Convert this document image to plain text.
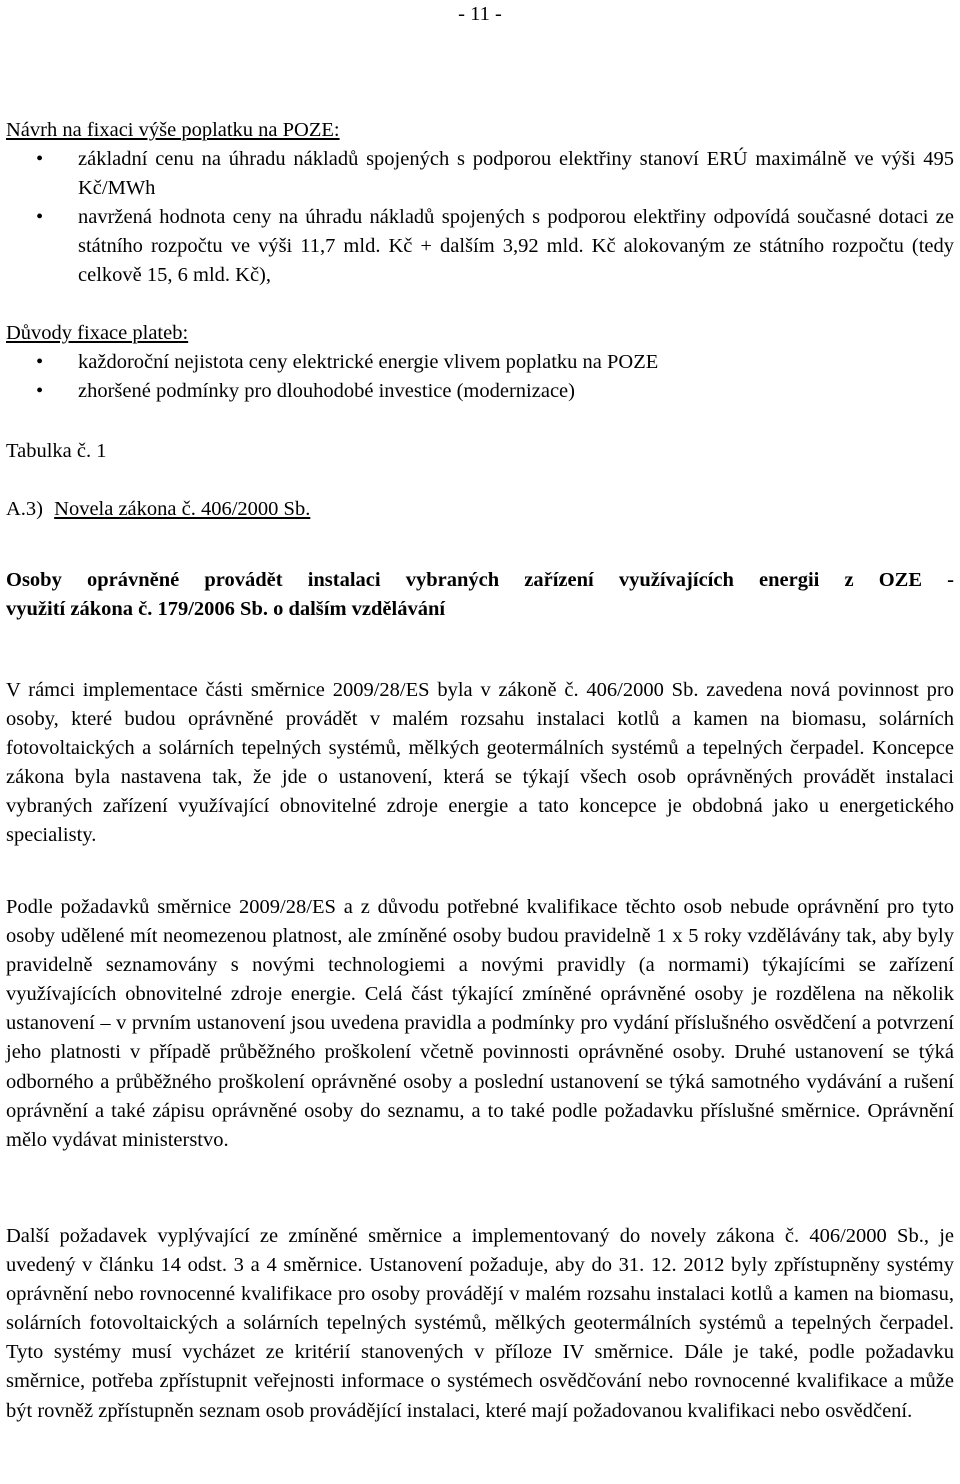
- 11 -
Návrh na fixaci výše poplatku na POZE:
• základní cenu na úhradu nákladů spojených s podporou elektřiny stanoví ERÚ maximálně ve výši 495 Kč/MWh
• navržená hodnota ceny na úhradu nákladů spojených s podporou elektřiny odpovídá současné dotaci ze státního rozpočtu ve výši 11,7 mld. Kč + dalším 3,92 mld. Kč alokovaným ze státního rozpočtu (tedy celkově 15, 6 mld. Kč),
Důvody fixace plateb:
• každoroční nejistota ceny elektrické energie vlivem poplatku na POZE
• zhoršené podmínky pro dlouhodobé investice (modernizace)
Tabulka č. 1
A.3) Novela zákona č. 406/2000 Sb.
Osoby oprávněné provádět instalaci vybraných zařízení využívajících energii z OZE -
využití zákona č. 179/2006 Sb. o dalším vzdělávání

V rámci implementace části směrnice 2009/28/ES byla v zákoně č. 406/2000 Sb. zavedena nová povinnost pro osoby, které budou oprávněné provádět v malém rozsahu instalaci kotlů a kamen na biomasu, solárních fotovoltaických a solárních tepelných systémů, mělkých geotermálních systémů a tepelných čerpadel. Koncepce zákona byla nastavena tak, že jde o ustanovení, která se týkají všech osob oprávněných provádět instalaci vybraných zařízení využívající obnovitelné zdroje energie a tato koncepce je obdobná jako u energetického specialisty.

Podle požadavků směrnice 2009/28/ES a z důvodu potřebné kvalifikace těchto osob nebude oprávnění pro tyto osoby udělené mít neomezenou platnost, ale zmíněné osoby budou pravidelně 1 x 5 roky vzdělávány tak, aby byly pravidelně seznamovány s novými technologiemi a novými pravidly (a normami) týkajícími se zařízení využívajících obnovitelné zdroje energie. Celá část týkající zmíněné oprávněné osoby je rozdělena na několik ustanovení – v prvním ustanovení jsou uvedena pravidla a podmínky pro vydání příslušného osvědčení a potvrzení jeho platnosti v případě průběžného proškolení včetně povinnosti oprávněné osoby. Druhé ustanovení se týká odborného a průběžného proškolení oprávněné osoby a poslední ustanovení se týká samotného vydávání a rušení oprávnění a také zápisu oprávněné osoby do seznamu, a to také podle požadavku příslušné směrnice. Oprávnění mělo vydávat ministerstvo.

Další požadavek vyplývající ze zmíněné směrnice a implementovaný do novely zákona č. 406/2000 Sb., je uvedený v článku 14 odst. 3 a 4 směrnice. Ustanovení požaduje, aby do 31. 12. 2012 byly zpřístupněny systémy oprávnění nebo rovnocenné kvalifikace pro osoby provádějí v malém rozsahu instalaci kotlů a kamen na biomasu, solárních fotovoltaických a solárních tepelných systémů, mělkých geotermálních systémů a tepelných čerpadel. Tyto systémy musí vycházet ze kritérií stanovených v příloze IV směrnice. Dále je také, podle požadavku směrnice, potřeba zpřístupnit veřejnosti informace o systémech osvědčování nebo rovnocenné kvalifikace a může být rovněž zpřístupněn seznam osob provádějící instalaci, které mají požadovanou kvalifikaci nebo osvědčení.
